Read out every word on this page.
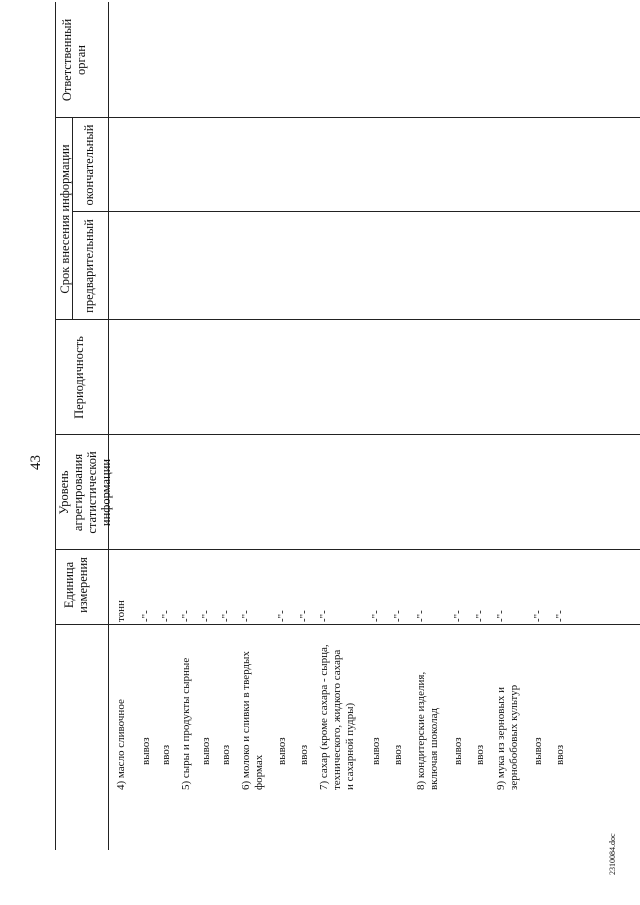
43
Единица измерения
Уровень агрегирования статистической информации
Периодичность
Срок внесения информации предварительный
окончательный
Ответственный орган
4) масло сливочное
тонн
вывоз
-"-
ввоз
-"-
5) сыры и продукты сырные
-"-
вывоз
-"-
ввоз
-"-
6) молоко и сливки в твердых
-"-
формах
вывоз
-"-
ввоз
-"-
7) сахар (кроме сахара - сырца,
-"-
технического, жидкого сахара и сахарной пудры) вывоз
-"-
ввоз
-"-
8) кондитерские изделия,
-"-
включая шоколад вывоз
-"-
ввоз
-"-
9) мука из зерновых и
-"-
зернобобовых культур вывоз
-"-
ввоз
-"-
2310084.doc
